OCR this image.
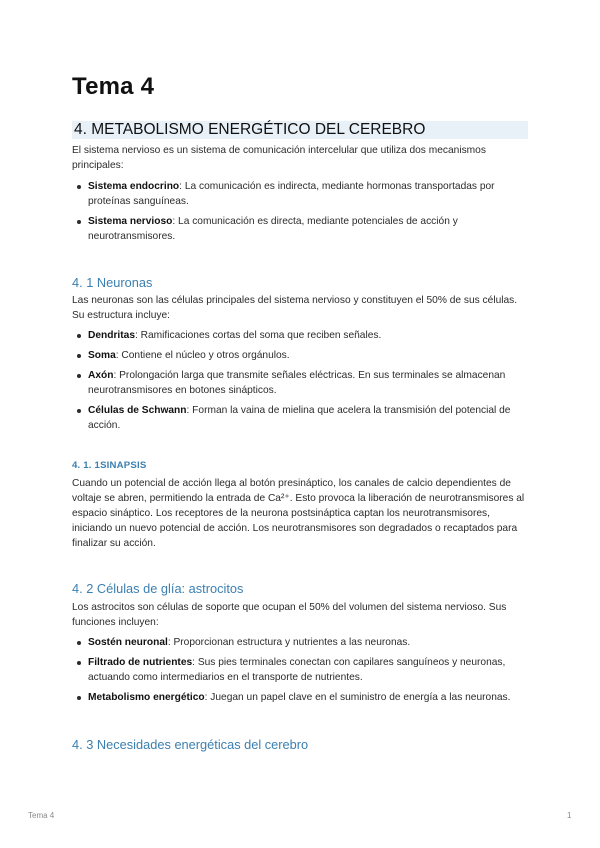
Tema 4
4. METABOLISMO ENERGÉTICO DEL CEREBRO

El sistema nervioso es un sistema de comunicación intercelular que utiliza dos mecanismos principales:

Sistema endocrino: La comunicación es indirecta, mediante hormonas transportadas por proteínas sanguíneas.
Sistema nervioso: La comunicación es directa, mediante potenciales de acción y neurotransmisores.
4. 1 Neuronas

Las neuronas son las células principales del sistema nervioso y constituyen el 50% de sus células. Su estructura incluye:

Dendritas: Ramificaciones cortas del soma que reciben señales.
Soma: Contiene el núcleo y otros orgánulos.
Axón: Prolongación larga que transmite señales eléctricas. En sus terminales se almacenan neurotransmisores en botones sinápticos.
Células de Schwann: Forman la vaina de mielina que acelera la transmisión del potencial de acción.
4. 1. 1SINAPSIS

Cuando un potencial de acción llega al botón presináptico, los canales de calcio dependientes de voltaje se abren, permitiendo la entrada de Ca²⁺. Esto provoca la liberación de neurotransmisores al espacio sináptico. Los receptores de la neurona postsináptica captan los neurotransmisores, iniciando un nuevo potencial de acción. Los neurotransmisores son degradados o recaptados para finalizar su acción.

4. 2 Células de glía: astrocitos

Los astrocitos son células de soporte que ocupan el 50% del volumen del sistema nervioso. Sus funciones incluyen:

Sostén neuronal: Proporcionan estructura y nutrientes a las neuronas.
Filtrado de nutrientes: Sus pies terminales conectan con capilares sanguíneos y neuronas, actuando como intermediarios en el transporte de nutrientes.
Metabolismo energético: Juegan un papel clave en el suministro de energía a las neuronas.
4. 3 Necesidades energéticas del cerebro
Tema 4	1
